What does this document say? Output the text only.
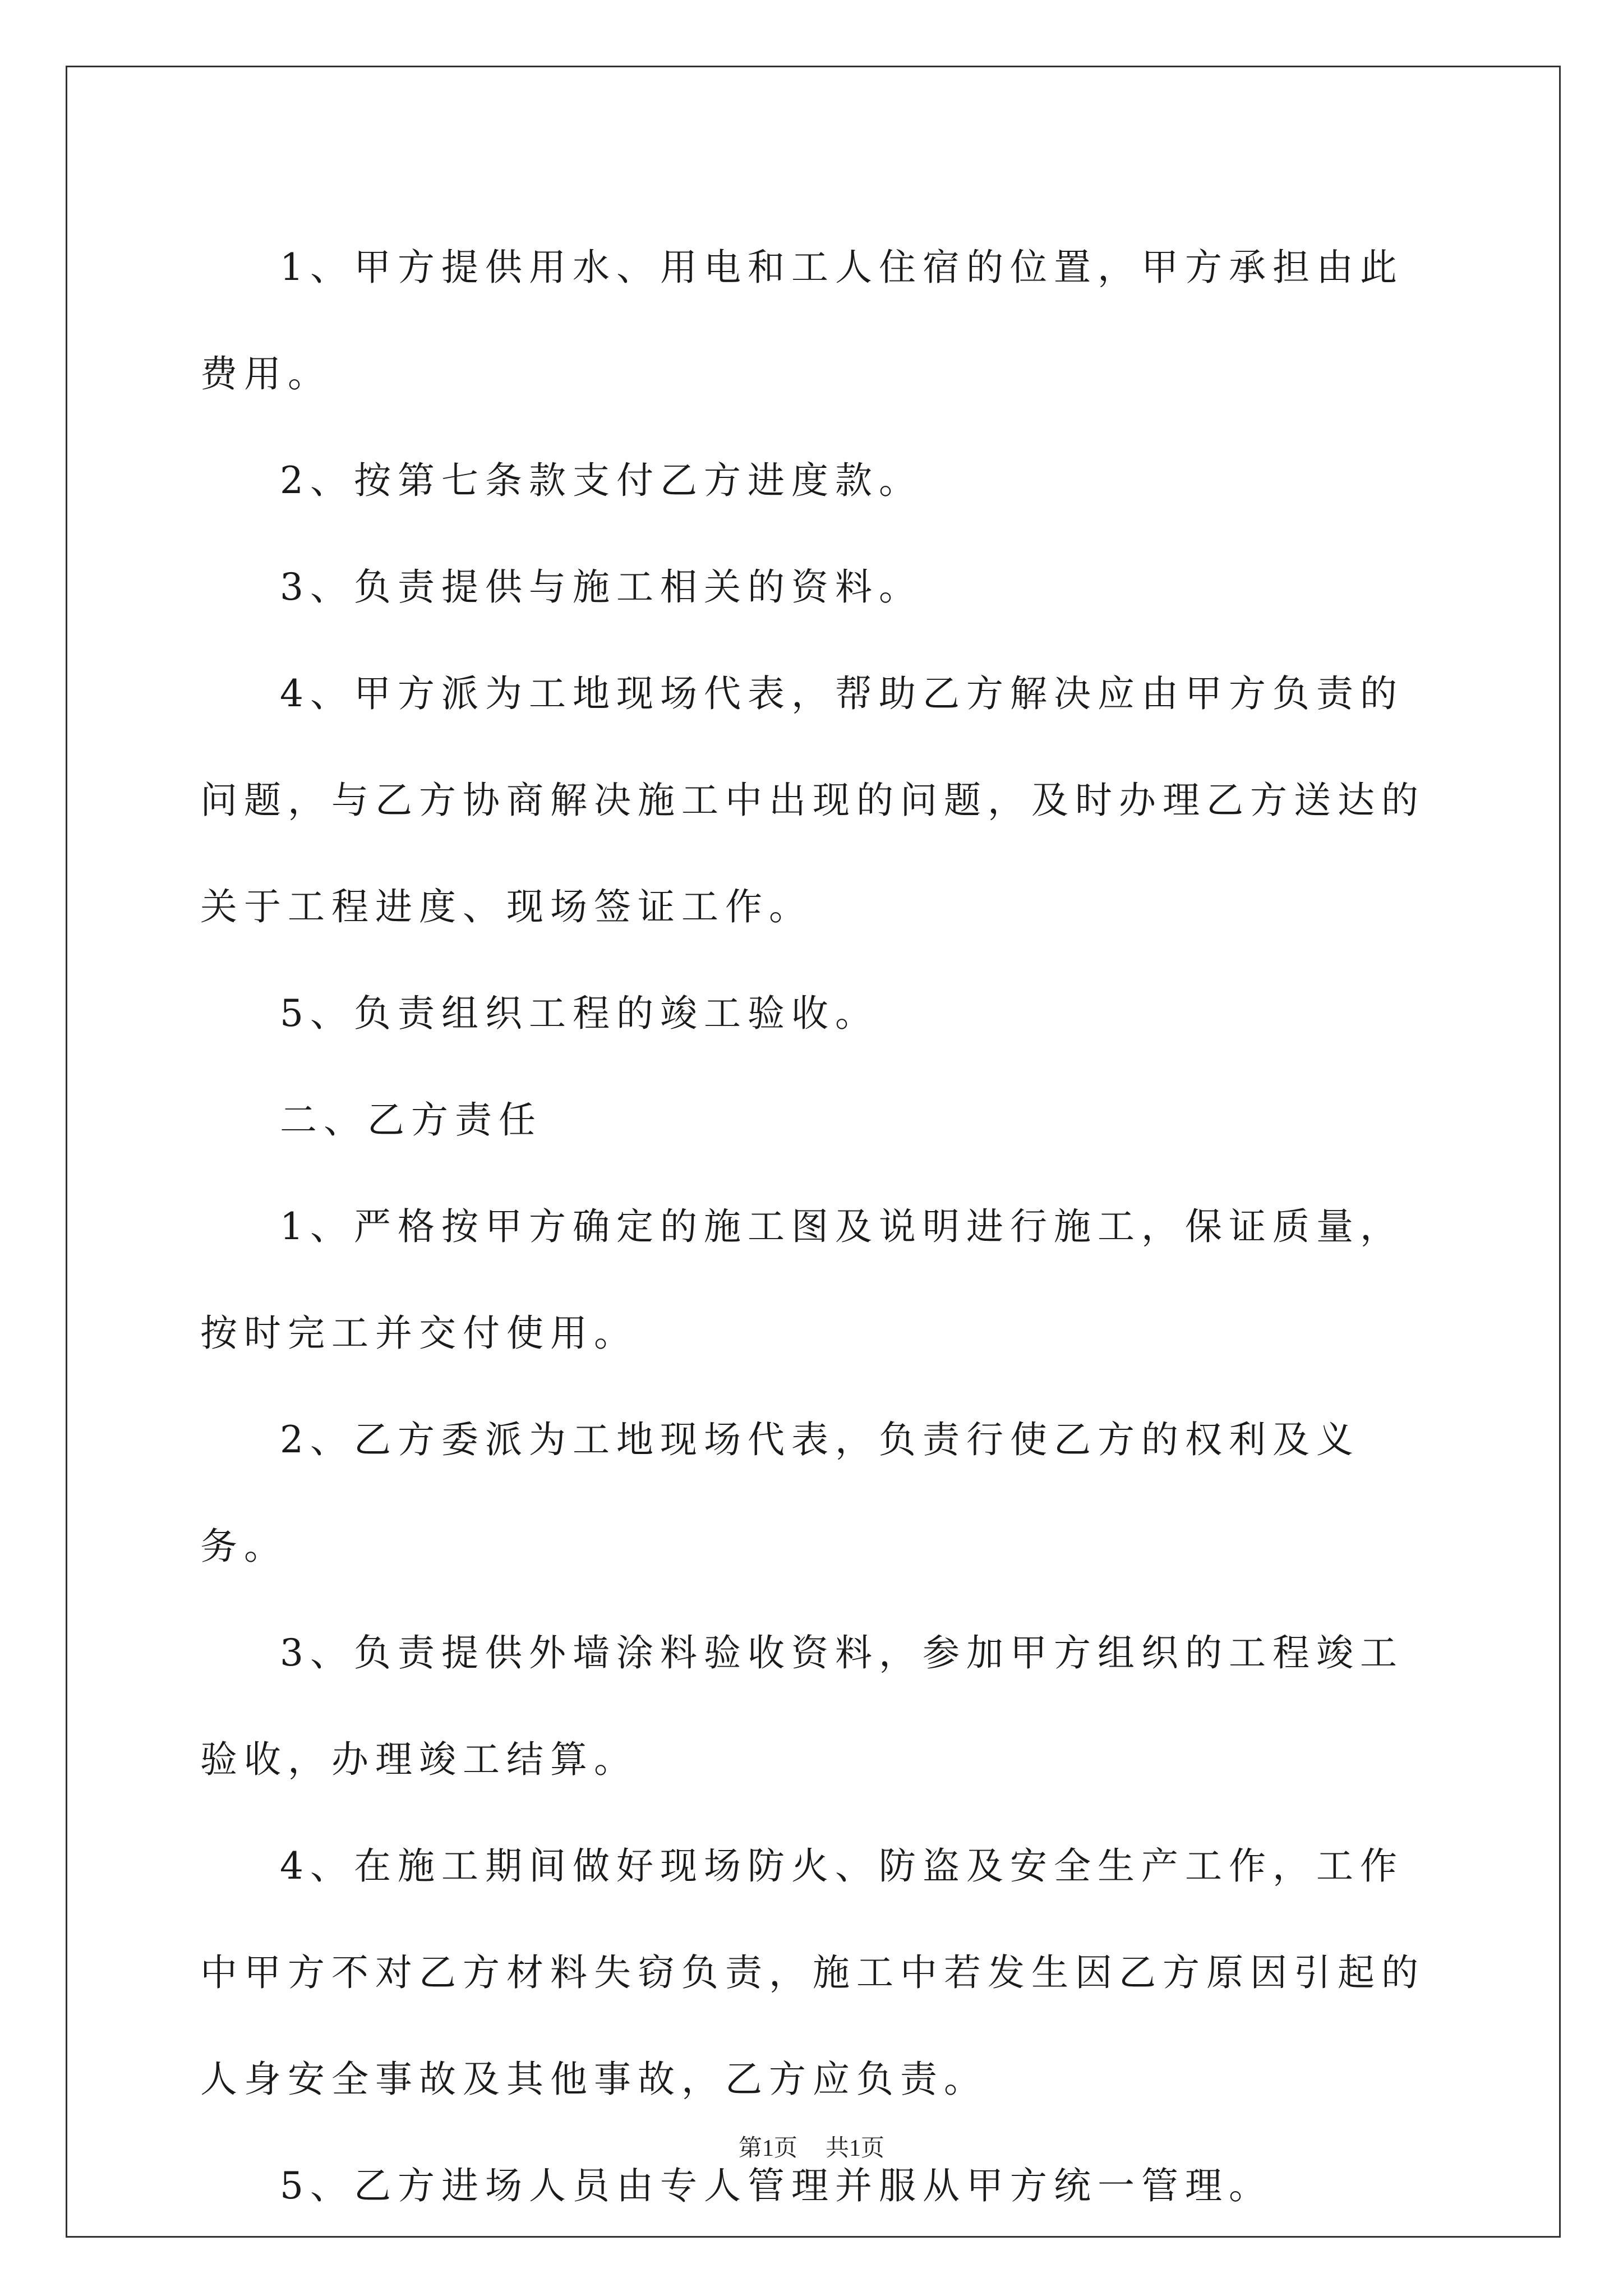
1、甲方提供用水、用电和工人住宿的位置，甲方承担由此费用。

2、按第七条款支付乙方进度款。

3、负责提供与施工相关的资料。

4、甲方派为工地现场代表，帮助乙方解决应由甲方负责的问题，与乙方协商解决施工中出现的问题，及时办理乙方送达的关于工程进度、现场签证工作。

5、负责组织工程的竣工验收。

二、乙方责任

1、严格按甲方确定的施工图及说明进行施工，保证质量，按时完工并交付使用。

2、乙方委派为工地现场代表，负责行使乙方的权利及义务。

3、负责提供外墙涂料验收资料，参加甲方组织的工程竣工验收，办理竣工结算。

4、在施工期间做好现场防火、防盗及安全生产工作，工作中甲方不对乙方材料失窃负责，施工中若发生因乙方原因引起的人身安全事故及其他事故，乙方应负责。

5、乙方进场人员由专人管理并服从甲方统一管理。

第1页 共1页
